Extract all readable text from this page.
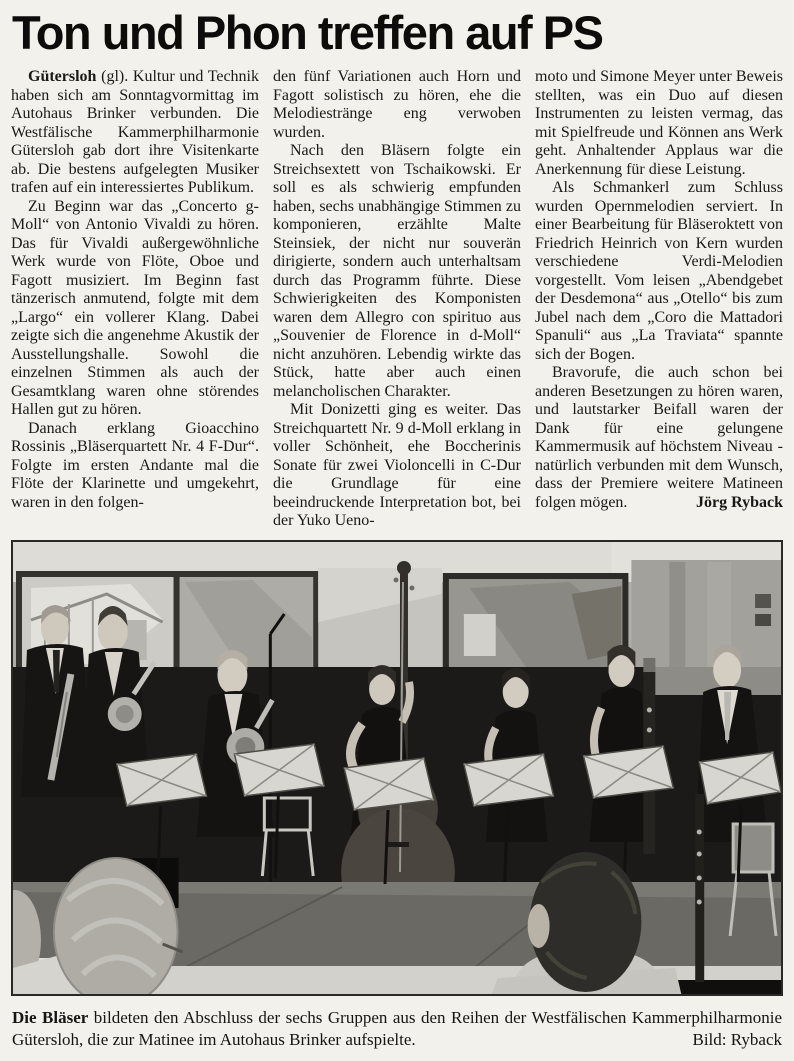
Ton und Phon treffen auf PS

Gütersloh (gl). Kultur und Technik haben sich am Sonntagvormittag im Autohaus Brinker verbunden. Die Westfälische Kammerphilharmonie Gütersloh gab dort ihre Visitenkarte ab. Die bestens aufgelegten Musiker trafen auf ein interessiertes Publikum.

Zu Beginn war das „Concerto g-Moll“ von Antonio Vivaldi zu hören. Das für Vivaldi außergewöhnliche Werk wurde von Flöte, Oboe und Fagott musiziert. Im Beginn fast tänzerisch anmutend, folgte mit dem „Largo“ ein vollerer Klang. Dabei zeigte sich die angenehme Akustik der Ausstellungshalle. Sowohl die einzelnen Stimmen als auch der Gesamtklang waren ohne störendes Hallen gut zu hören.

Danach erklang Gioacchino Rossinis „Bläserquartett Nr. 4 F-Dur“. Folgte im ersten Andante mal die Flöte der Klarinette und umgekehrt, waren in den folgen-

den fünf Variationen auch Horn und Fagott solistisch zu hören, ehe die Melodiestränge eng verwoben wurden.

Nach den Bläsern folgte ein Streichsextett von Tschaikowski. Er soll es als schwierig empfunden haben, sechs unabhängige Stimmen zu komponieren, erzählte Malte Steinsiek, der nicht nur souverän dirigierte, sondern auch unterhaltsam durch das Programm führte. Diese Schwierigkeiten des Komponisten waren dem Allegro con spirituo aus „Souvenier de Florence in d-Moll“ nicht anzuhören. Lebendig wirkte das Stück, hatte aber auch einen melancholischen Charakter.

Mit Donizetti ging es weiter. Das Streichquartett Nr. 9 d-Moll erklang in voller Schönheit, ehe Boccherinis Sonate für zwei Violoncelli in C-Dur die Grundlage für eine beeindruckende Interpretation bot, bei der Yuko Ueno-

moto und Simone Meyer unter Beweis stellten, was ein Duo auf diesen Instrumenten zu leisten vermag, das mit Spielfreude und Können ans Werk geht. Anhaltender Applaus war die Anerkennung für diese Leistung.

Als Schmankerl zum Schluss wurden Opernmelodien serviert. In einer Bearbeitung für Bläseroktett von Friedrich Heinrich von Kern wurden verschiedene Verdi-Melodien vorgestellt. Vom leisen „Abendgebet der Desdemona“ aus „Otello“ bis zum Jubel nach dem „Coro die Mattadori Spanuli“ aus „La Traviata“ spannte sich der Bogen.

Bravorufe, die auch schon bei anderen Besetzungen zu hören waren, und lautstarker Beifall waren der Dank für eine gelungene Kammermusik auf höchstem Niveau - natürlich verbunden mit dem Wunsch, dass der Premiere weitere Matineen folgen mögen.	Jörg Ryback

Die Bläser bildeten den Abschluss der sechs Gruppen aus den Reihen der Westfälischen Kammerphilharmonie Gütersloh, die zur Matinee im Autohaus Brinker aufspielte.	Bild: Ryback
